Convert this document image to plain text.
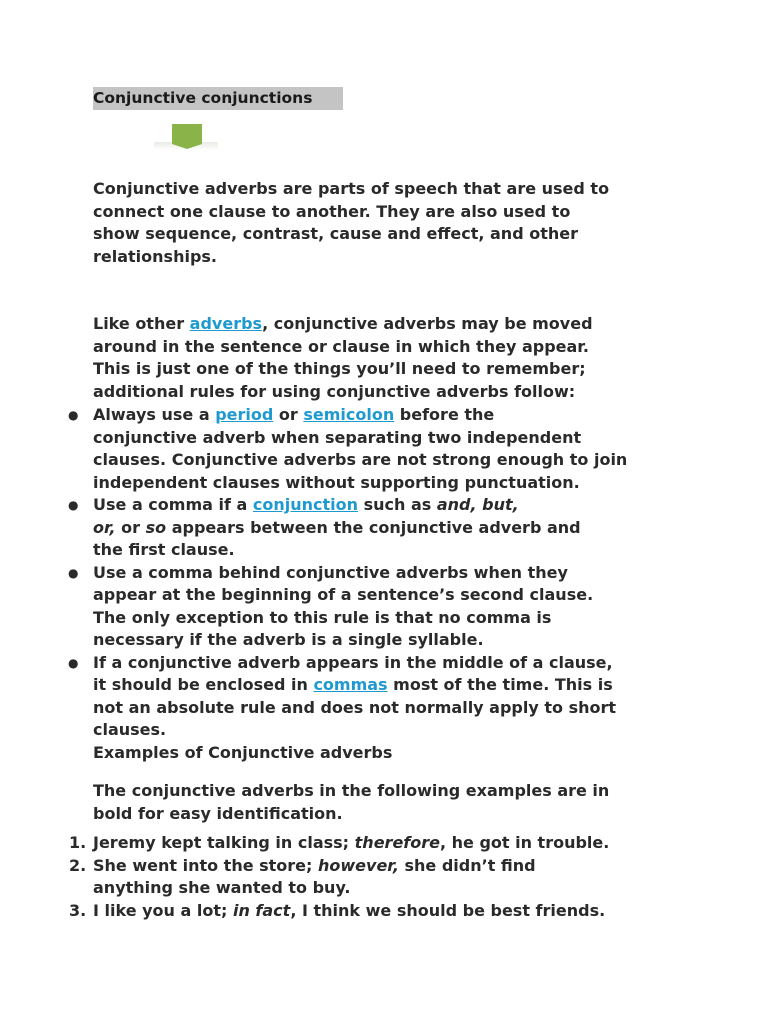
Conjunctive conjunctions
Conjunctive adverbs are parts of speech that are used to
connect one clause to another. They are also used to
show sequence, contrast, cause and effect, and other
relationships.
Like other adverbs, conjunctive adverbs may be moved
around in the sentence or clause in which they appear.
This is just one of the things you’ll need to remember;
additional rules for using conjunctive adverbs follow:
● Always use a period or semicolon before the
conjunctive adverb when separating two independent
clauses. Conjunctive adverbs are not strong enough to join
independent clauses without supporting punctuation.
● Use a comma if a conjunction such as and, but,
or, or so appears between the conjunctive adverb and
the first clause.
● Use a comma behind conjunctive adverbs when they
appear at the beginning of a sentence’s second clause.
The only exception to this rule is that no comma is
necessary if the adverb is a single syllable.
● If a conjunctive adverb appears in the middle of a clause,
it should be enclosed in commas most of the time. This is
not an absolute rule and does not normally apply to short
clauses.
Examples of Conjunctive adverbs
The conjunctive adverbs in the following examples are in
bold for easy identification.
1. Jeremy kept talking in class; therefore, he got in trouble.
2. She went into the store; however, she didn’t find
anything she wanted to buy.
3. I like you a lot; in fact, I think we should be best friends.
